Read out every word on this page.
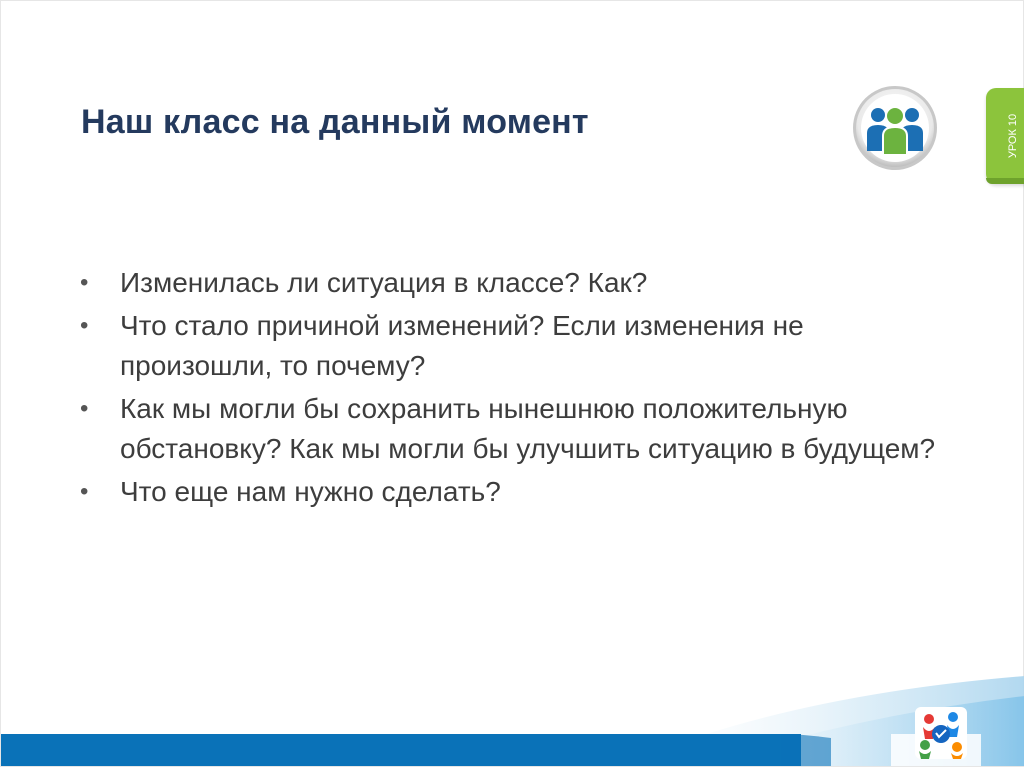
Наш класс на данный момент	УРОК 10
• Изменилась ли ситуация в классе? Как?
• Что стало причиной изменений? Если изменения не произошли, то почему?
• Как мы могли бы сохранить нынешнюю положительную обстановку? Как мы могли бы улучшить ситуацию в будущем?
• Что еще нам нужно сделать?
